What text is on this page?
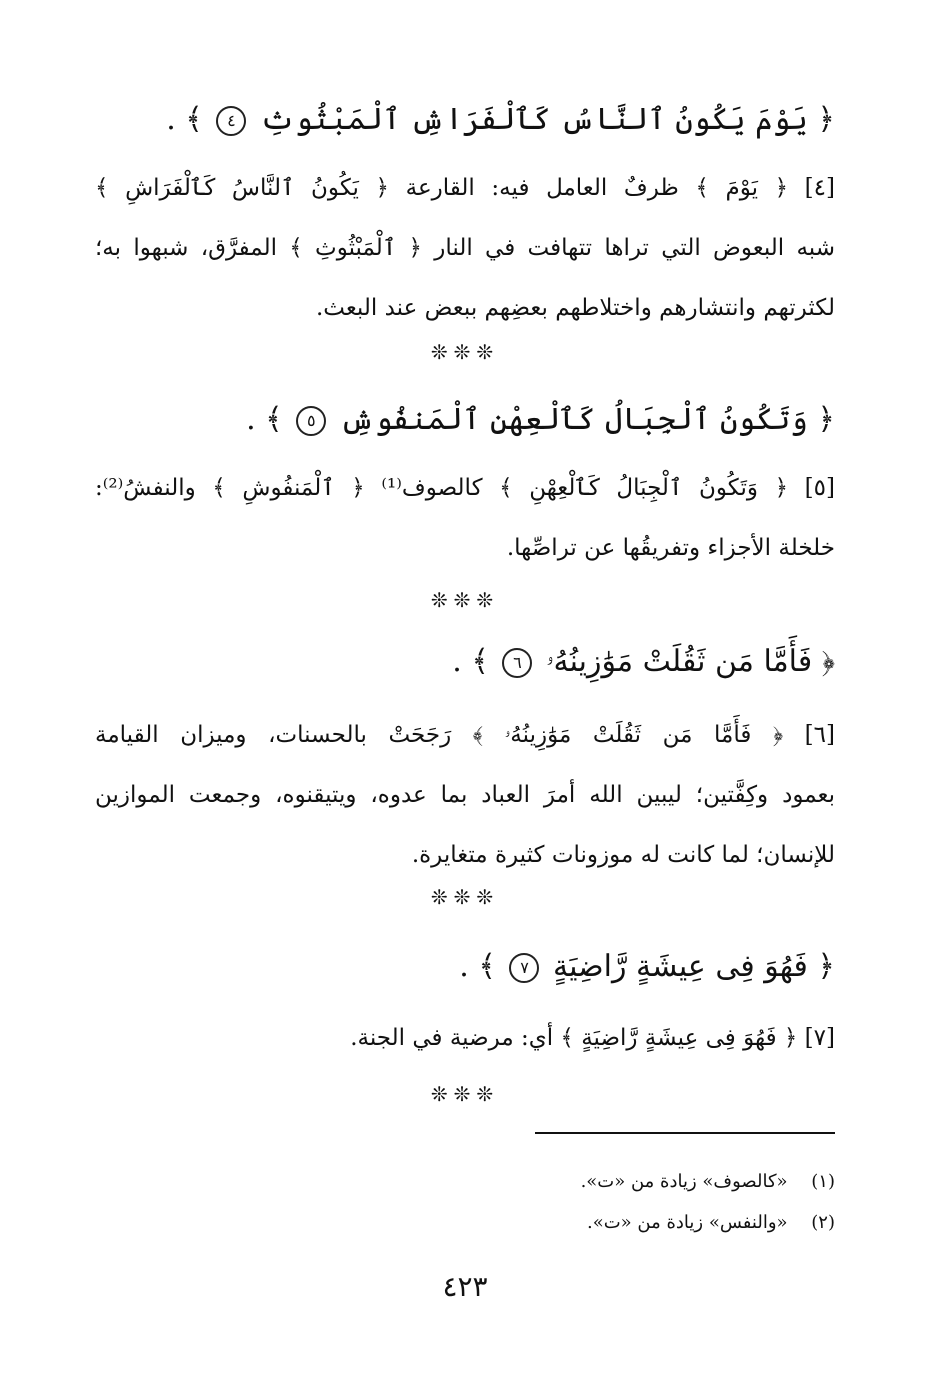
﴿ يَوْمَ يَكُونُ ٱلنَّاسُ كَٱلْفَرَاشِ ٱلْمَبْثُوثِ ٤ ﴾ .
[٤] ﴿ يَوْمَ ﴾ ظرفٌ العامل فيه: القارعة ﴿ يَكُونُ ٱلنَّاسُ كَٱلْفَرَاشِ ﴾
شبه البعوض التي تراها تتهافت في النار ﴿ ٱلْمَبْثُوثِ ﴾ المفرَّق، شبهوا به؛
لكثرتهم وانتشارهم واختلاطهم بعضِهم ببعض عند البعث.
❊❊❊
﴿ وَتَكُونُ ٱلْجِبَالُ كَٱلْعِهْنِ ٱلْمَنفُوشِ ٥ ﴾ .
[٥] ﴿ وَتَكُونُ ٱلْجِبَالُ كَٱلْعِهْنِ ﴾ كالصوف⁽¹⁾ ﴿ ٱلْمَنفُوشِ ﴾ والنفشُ⁽²⁾:
خلخلة الأجزاء وتفريقُها عن تراصِّها.
❊❊❊
﴿ فَأَمَّا مَن ثَقُلَتْ مَوَٰزِينُهُۥ ٦ ﴾ .
[٦] ﴿ فَأَمَّا مَن ثَقُلَتْ مَوَٰزِينُهُۥ ﴾ رَجَحَتْ بالحسنات، وميزان القيامة
بعمود وكِفَّتين؛ ليبين الله أمرَ العباد بما عدوه، ويتيقنوه، وجمعت الموازين
للإنسان؛ لما كانت له موزونات كثيرة متغايرة.
❊❊❊
﴿ فَهُوَ فِى عِيشَةٍ رَّاضِيَةٍ ٧ ﴾ .
[٧] ﴿ فَهُوَ فِى عِيشَةٍ رَّاضِيَةٍ ﴾ أي: مرضية في الجنة.
❊❊❊
(١) «كالصوف» زيادة من «ت».
(٢) «والنفس» زيادة من «ت».
٤٢٣
